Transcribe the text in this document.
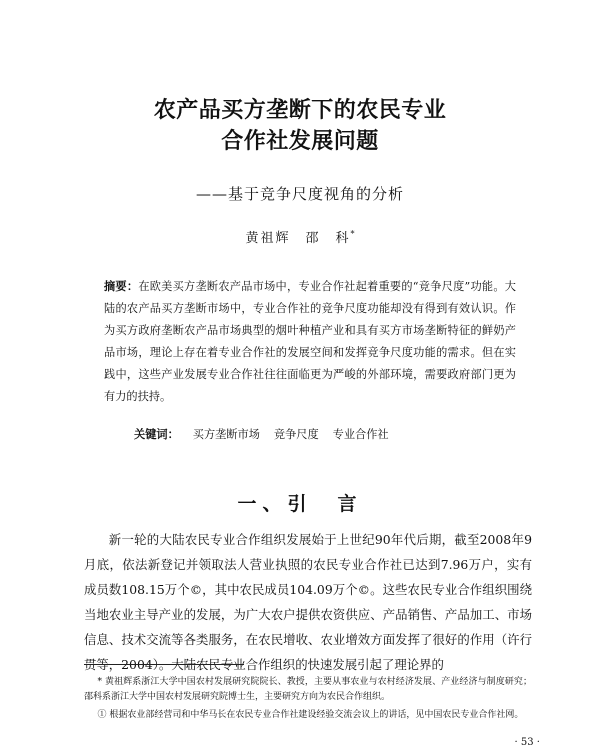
农产品买方垄断下的农民专业
合作社发展问题
——基于竞争尺度视角的分析
黄祖辉　邵　科*
摘要：在欧美买方垄断农产品市场中，专业合作社起着重要的“竞争尺度”功能。大陆的农产品买方垄断市场中，专业合作社的竞争尺度功能却没有得到有效认识。作为买方政府垄断农产品市场典型的烟叶种植产业和具有买方市场垄断特征的鲜奶产品市场，理论上存在着专业合作社的发展空间和发挥竞争尺度功能的需求。但在实践中，这些产业发展专业合作社往往面临更为严峻的外部环境，需要政府部门更为有力的扶持。
关键词： 买方垄断市场 竞争尺度 专业合作社
一、引　言

新一轮的大陆农民专业合作组织发展始于上世纪90年代后期，截至2008年9月底，依法新登记并领取法人营业执照的农民专业合作社已达到7.96万户，实有成员数108.15万个©，其中农民成员104.09万个©。这些农民专业合作组织围绕当地农业主导产业的发展，为广大农户提供农资供应、产品销售、产品加工、市场信息、技术交流等各类服务，在农民增收、农业增效方面发挥了很好的作用（许行贯等，2004）。大陆农民专业合作组织的快速发展引起了理论界的

* 黄祖辉系浙江大学中国农村发展研究院院长、教授，主要从事农业与农村经济发展、产业经济与制度研究；邵科系浙江大学中国农村发展研究院博士生，主要研究方向为农民合作组织。

① 根据农业部经营司和中华马长在农民专业合作社建设经验交流会议上的讲话，见中国农民专业合作社网。

· 53 ·
